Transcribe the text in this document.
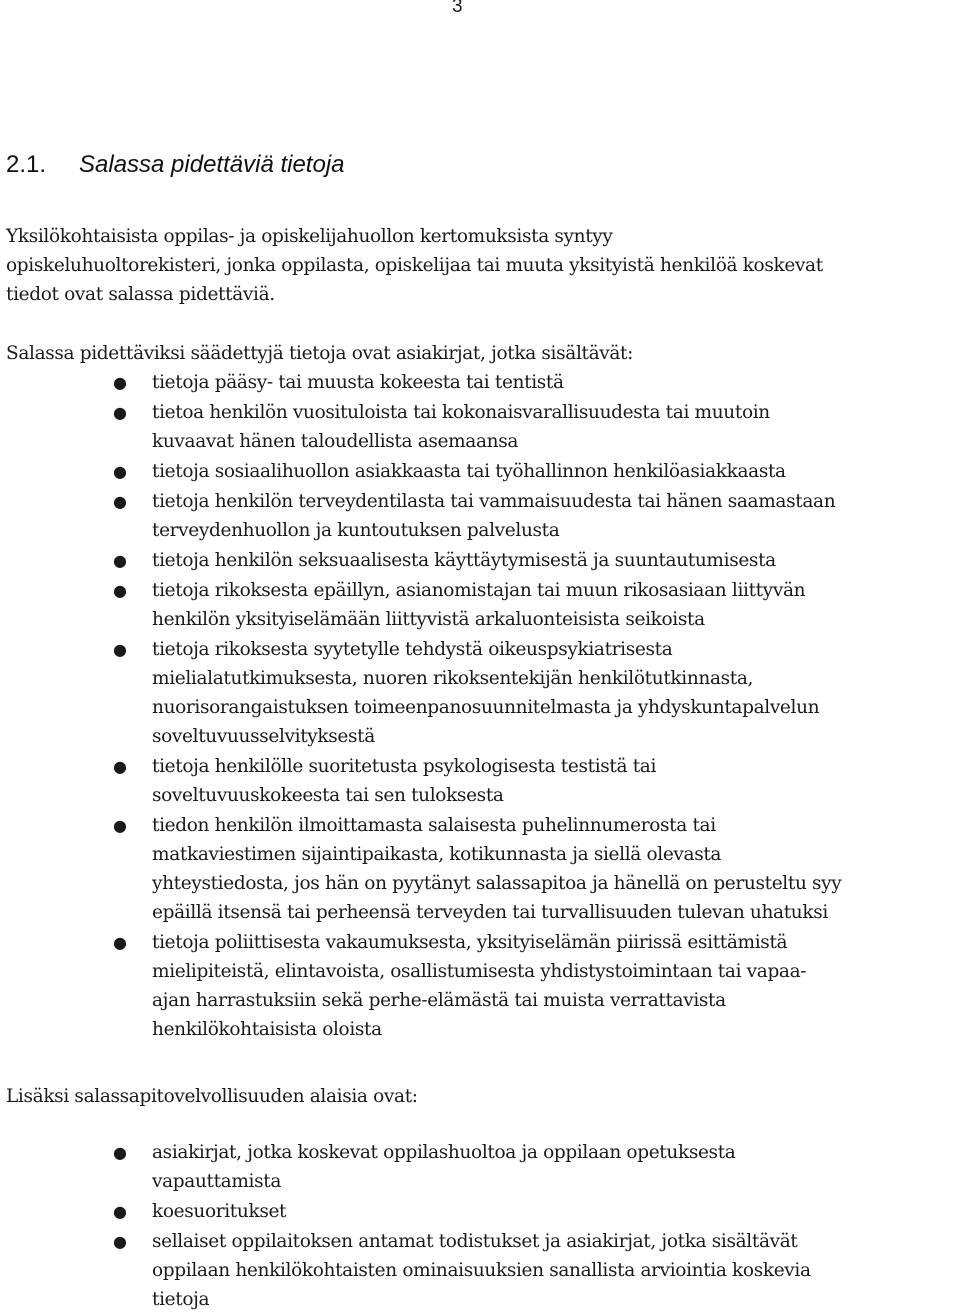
3
2.1. Salassa pidettäviä tietoja

Yksilökohtaisista oppilas- ja opiskelijahuollon kertomuksista syntyy
opiskeluhuoltorekisteri, jonka oppilasta, opiskelijaa tai muuta yksityistä henkilöä koskevat
tiedot ovat salassa pidettäviä.

Salassa pidettäviksi säädettyjä tietoja ovat asiakirjat, jotka sisältävät:

● tietoja pääsy- tai muusta kokeesta tai tentistä
● tietoa henkilön vuosituloista tai kokonaisvarallisuudesta tai muutoin
kuvaavat hänen taloudellista asemaansa
● tietoja sosiaalihuollon asiakkaasta tai työhallinnon henkilöasiakkaasta
● tietoja henkilön terveydentilasta tai vammaisuudesta tai hänen saamastaan
terveydenhuollon ja kuntoutuksen palvelusta
● tietoja henkilön seksuaalisesta käyttäytymisestä ja suuntautumisesta
● tietoja rikoksesta epäillyn, asianomistajan tai muun rikosasiaan liittyvän
henkilön yksityiselämään liittyvistä arkaluonteisista seikoista
● tietoja rikoksesta syytetylle tehdystä oikeuspsykiatrisesta
mielialatutkimuksesta, nuoren rikoksentekijän henkilötutkinnasta,
nuorisorangaistuksen toimeenpanosuunnitelmasta ja yhdyskuntapalvelun
soveltuvuusselvityksestä
● tietoja henkilölle suoritetusta psykologisesta testistä tai
soveltuvuuskokeesta tai sen tuloksesta
● tiedon henkilön ilmoittamasta salaisesta puhelinnumerosta tai
matkaviestimen sijaintipaikasta, kotikunnasta ja siellä olevasta
yhteystiedosta, jos hän on pyytänyt salassapitoa ja hänellä on perusteltu syy
epäillä itsensä tai perheensä terveyden tai turvallisuuden tulevan uhatuksi
● tietoja poliittisesta vakaumuksesta, yksityiselämän piirissä esittämistä
mielipiteistä, elintavoista, osallistumisesta yhdistystoimintaan tai vapaa-
ajan harrastuksiin sekä perhe-elämästä tai muista verrattavista
henkilökohtaisista oloista

Lisäksi salassapitovelvollisuuden alaisia ovat:

● asiakirjat, jotka koskevat oppilashuoltoa ja oppilaan opetuksesta
vapauttamista
● koesuoritukset
● sellaiset oppilaitoksen antamat todistukset ja asiakirjat, jotka sisältävät
oppilaan henkilökohtaisten ominaisuuksien sanallista arviointia koskevia
tietoja
